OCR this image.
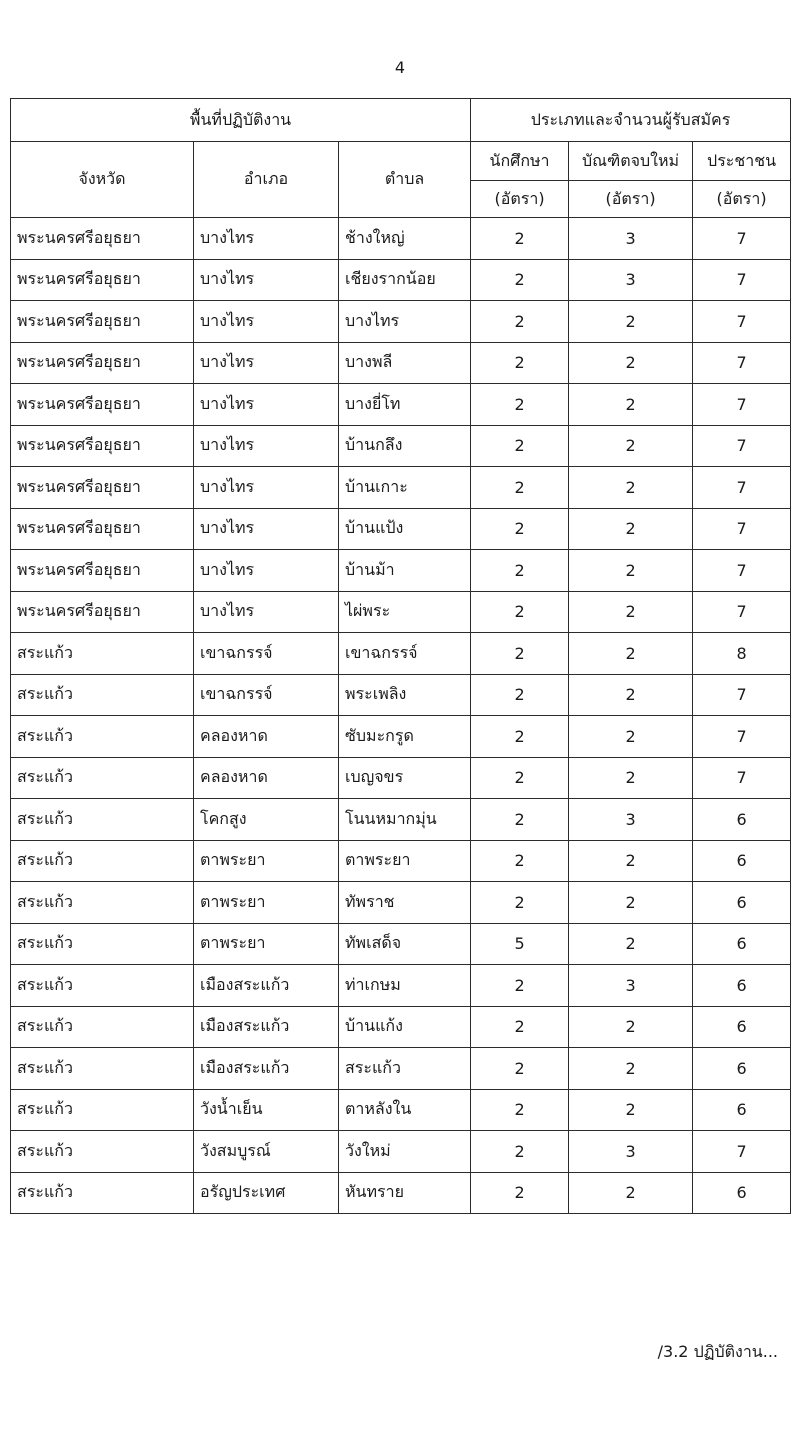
4
พื้นที่ปฏิบัติงาน			ประเภทและจำนวนผู้รับสมัคร		
จังหวัด	อำเภอ	ตำบล	นักศึกษา	บัณฑิตจบใหม่	ประชาชน
			(อัตรา)	(อัตรา)	(อัตรา)
พระนครศรีอยุธยา	บางไทร	ช้างใหญ่	2	3	7
พระนครศรีอยุธยา	บางไทร	เชียงรากน้อย	2	3	7
พระนครศรีอยุธยา	บางไทร	บางไทร	2	2	7
พระนครศรีอยุธยา	บางไทร	บางพลี	2	2	7
พระนครศรีอยุธยา	บางไทร	บางยี่โท	2	2	7
พระนครศรีอยุธยา	บางไทร	บ้านกลึง	2	2	7
พระนครศรีอยุธยา	บางไทร	บ้านเกาะ	2	2	7
พระนครศรีอยุธยา	บางไทร	บ้านแป้ง	2	2	7
พระนครศรีอยุธยา	บางไทร	บ้านม้า	2	2	7
พระนครศรีอยุธยา	บางไทร	ไผ่พระ	2	2	7
สระแก้ว	เขาฉกรรจ์	เขาฉกรรจ์	2	2	8
สระแก้ว	เขาฉกรรจ์	พระเพลิง	2	2	7
สระแก้ว	คลองหาด	ซับมะกรูด	2	2	7
สระแก้ว	คลองหาด	เบญจขร	2	2	7
สระแก้ว	โคกสูง	โนนหมากมุ่น	2	3	6
สระแก้ว	ตาพระยา	ตาพระยา	2	2	6
สระแก้ว	ตาพระยา	ทัพราช	2	2	6
สระแก้ว	ตาพระยา	ทัพเสด็จ	5	2	6
สระแก้ว	เมืองสระแก้ว	ท่าเกษม	2	3	6
สระแก้ว	เมืองสระแก้ว	บ้านแก้ง	2	2	6
สระแก้ว	เมืองสระแก้ว	สระแก้ว	2	2	6
สระแก้ว	วังน้ำเย็น	ตาหลังใน	2	2	6
สระแก้ว	วังสมบูรณ์	วังใหม่	2	3	7
สระแก้ว	อรัญประเทศ	หันทราย	2	2	6
/3.2 ปฏิบัติงาน...
